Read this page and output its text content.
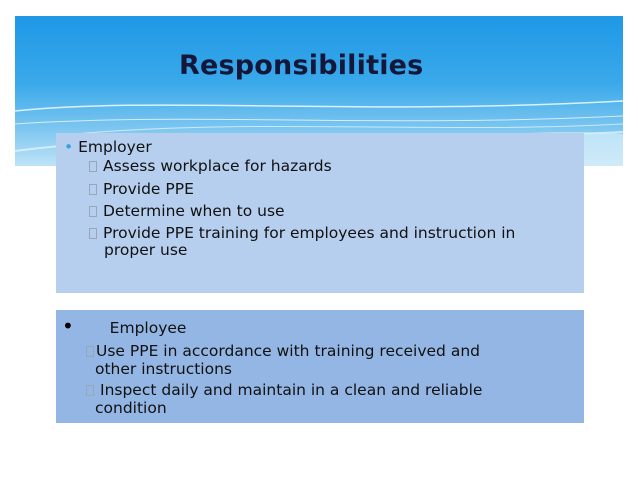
Responsibilities
• Employer
Assess workplace for hazards
Provide PPE
Determine when to use
Provide PPE training for employees and instruction in
proper use
• Employee
Use PPE in accordance with training received and
other instructions
Inspect daily and maintain in a clean and reliable
condition
